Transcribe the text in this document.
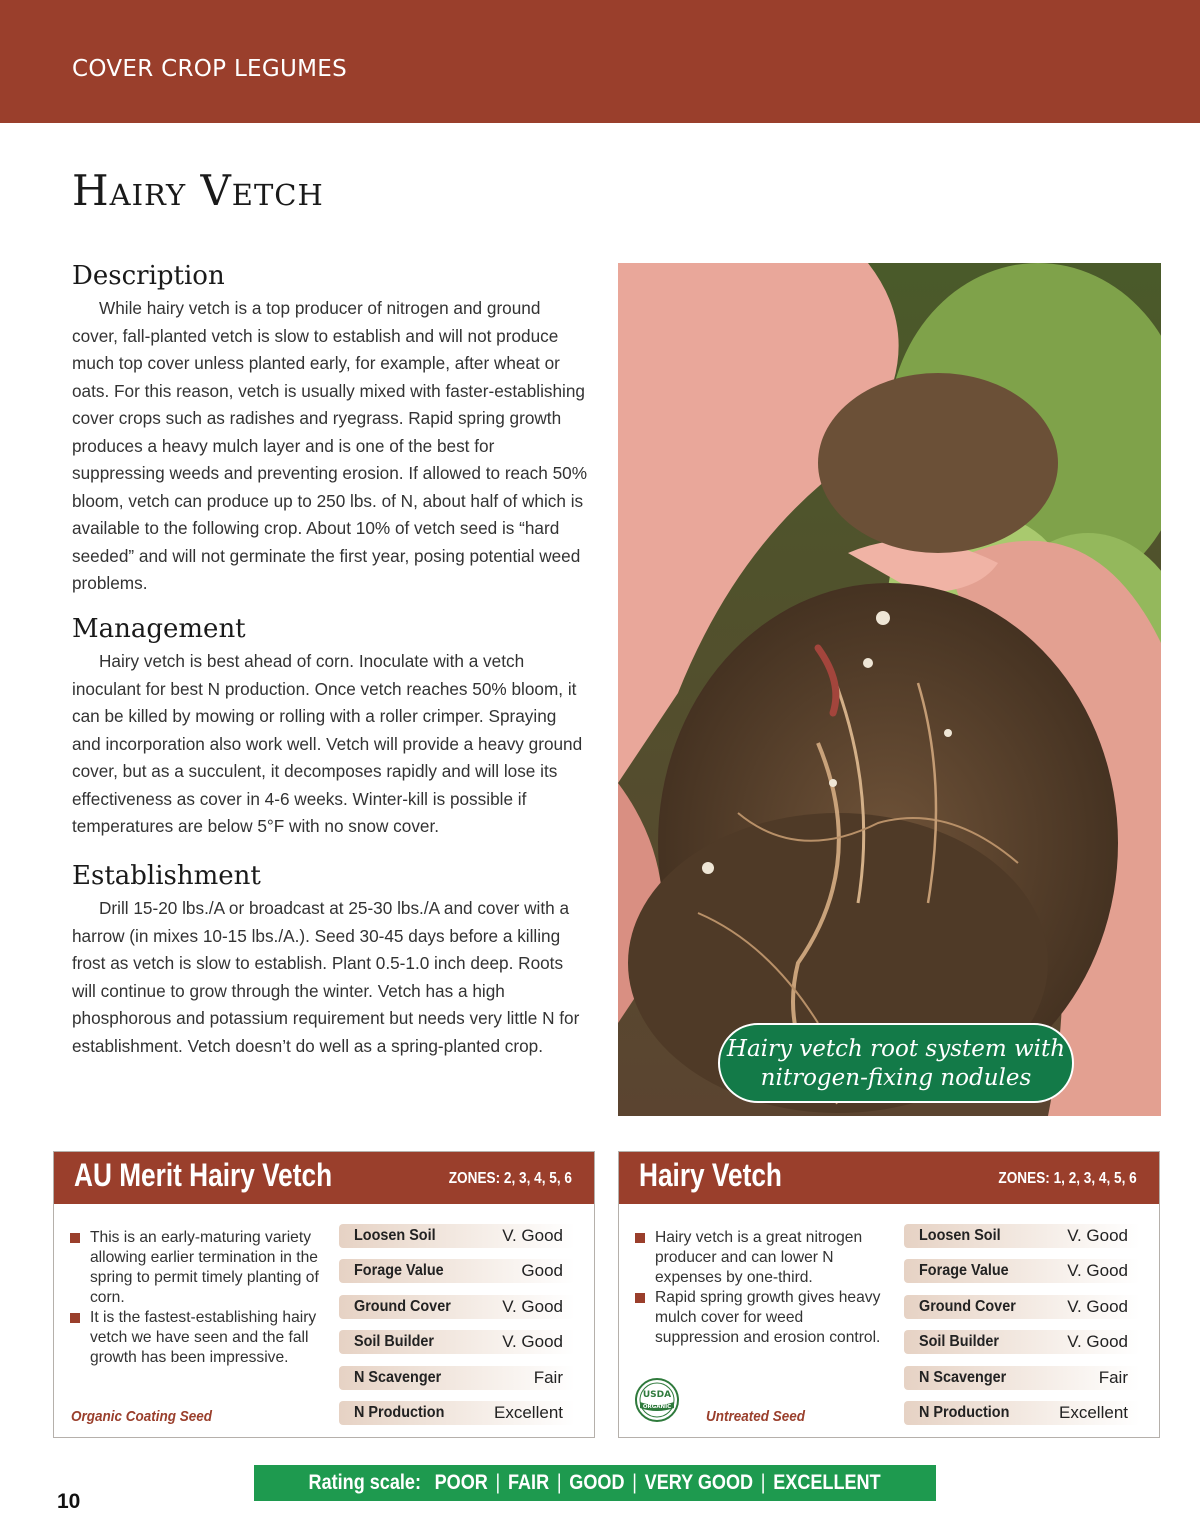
COVER CROP LEGUMES
Hairy Vetch
Description

While hairy vetch is a top producer of nitrogen and ground cover, fall-planted vetch is slow to establish and will not produce much top cover unless planted early, for example, after wheat or oats. For this reason, vetch is usually mixed with faster-establishing cover crops such as radishes and ryegrass. Rapid spring growth produces a heavy mulch layer and is one of the best for suppressing weeds and preventing erosion. If allowed to reach 50% bloom, vetch can produce up to 250 lbs. of N, about half of which is available to the following crop. About 10% of vetch seed is “hard seeded” and will not germinate the first year, posing potential weed problems.

Management

Hairy vetch is best ahead of corn. Inoculate with a vetch inoculant for best N production. Once vetch reaches 50% bloom, it can be killed by mowing or rolling with a roller crimper. Spraying and incorporation also work well. Vetch will provide a heavy ground cover, but as a succulent, it decomposes rapidly and will lose its effectiveness as cover in 4-6 weeks. Winter-kill is possible if temperatures are below 5°F with no snow cover.

Establishment

Drill 15-20 lbs./A or broadcast at 25-30 lbs./A and cover with a harrow (in mixes 10-15 lbs./A.). Seed 30-45 days before a killing frost as vetch is slow to establish. Plant 0.5-1.0 inch deep. Roots will continue to grow through the winter. Vetch has a high phosphorous and potassium requirement but needs very little N for establishment. Vetch doesn’t do well as a spring-planted crop.	Hairy vetch root system with
nitrogen-fixing nodules
AU Merit Hairy Vetch	ZONES: 2, 3, 4, 5, 6
This is an early-maturing variety allowing earlier termination in the spring to permit timely planting of corn.
It is the fastest-establishing hairy vetch we have seen and the fall growth has been impressive.
Loosen Soil	V. Good
Forage Value	Good
Ground Cover	V. Good
Soil Builder	V. Good
N Scavenger	Fair
N Production	Excellent
Organic Coating Seed
Hairy Vetch	ZONES: 1, 2, 3, 4, 5, 6
Hairy vetch is a great nitrogen producer and can lower N expenses by one-third.
Rapid spring growth gives heavy mulch cover for weed suppression and erosion control.
Loosen Soil	V. Good
Forage Value	V. Good
Ground Cover	V. Good
Soil Builder	V. Good
N Scavenger	Fair
N Production	Excellent
USDA
ORGANIC
Untreated Seed
Rating scale: POOR | FAIR | GOOD | VERY GOOD | EXCELLENT
10
